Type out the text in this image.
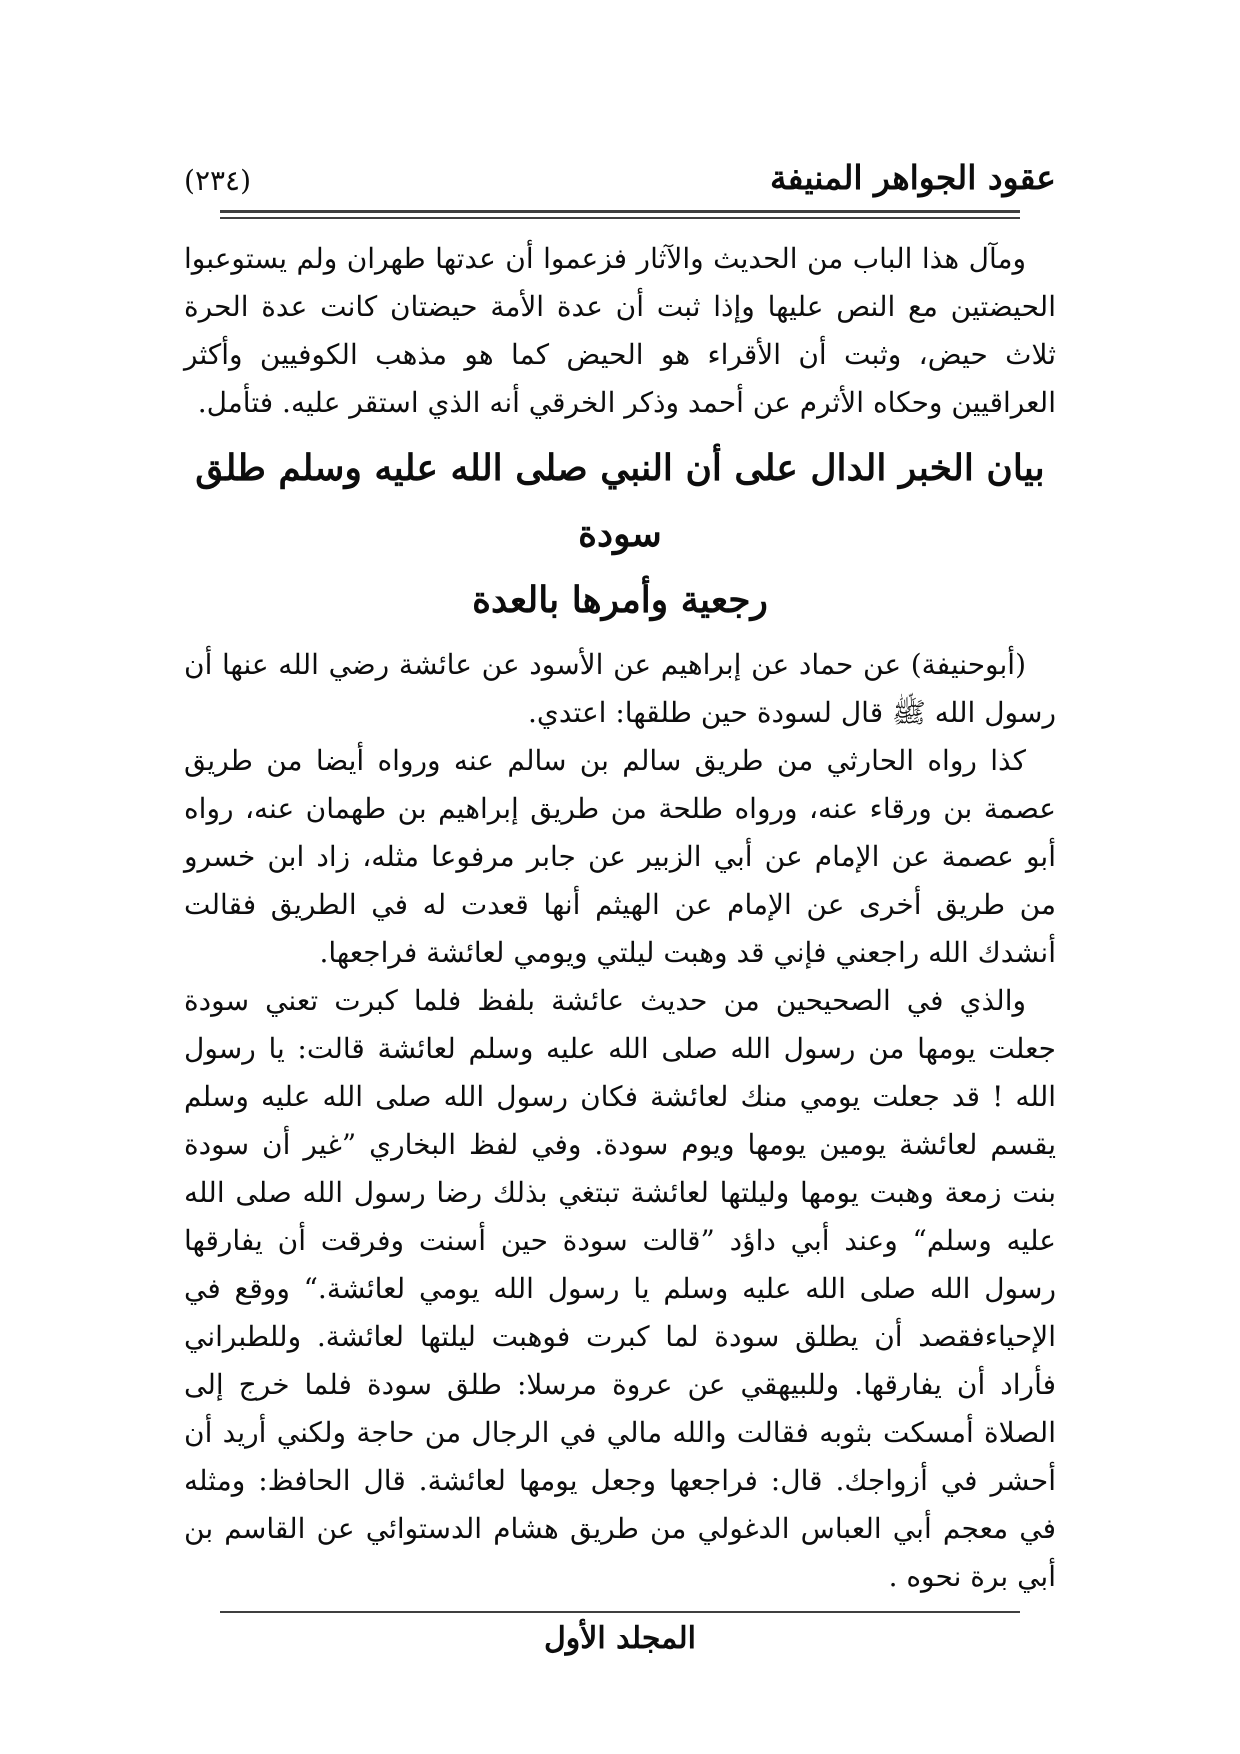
عقود الجواهر المنيفة
(٢٣٤)

ومآل هذا الباب من الحديث والآثار فزعموا أن عدتها طهران ولم يستوعبوا الحيضتين مع النص عليها وإذا ثبت أن عدة الأمة حيضتان كانت عدة الحرة ثلاث حيض، وثبت أن الأقراء هو الحيض كما هو مذهب الكوفيين وأكثر العراقيين وحكاه الأثرم عن أحمد وذكر الخرقي أنه الذي استقر عليه. فتأمل.

بيان الخبر الدال على أن النبي صلى الله عليه وسلم طلق سودة
رجعية وأمرها بالعدة

(أبوحنيفة) عن حماد عن إبراهيم عن الأسود عن عائشة رضي الله عنها أن رسول الله ﷺ قال لسودة حين طلقها: اعتدي.

كذا رواه الحارثي من طريق سالم بن سالم عنه ورواه أيضا من طريق عصمة بن ورقاء عنه، ورواه طلحة من طريق إبراهيم بن طهمان عنه، رواه أبو عصمة عن الإمام عن أبي الزبير عن جابر مرفوعا مثله، زاد ابن خسرو من طريق أخرى عن الإمام عن الهيثم أنها قعدت له في الطريق فقالت أنشدك الله راجعني فإني قد وهبت ليلتي ويومي لعائشة فراجعها.

والذي في الصحيحين من حديث عائشة بلفظ فلما كبرت تعني سودة جعلت يومها من رسول الله صلى الله عليه وسلم لعائشة قالت: يا رسول الله ! قد جعلت يومي منك لعائشة فكان رسول الله صلى الله عليه وسلم يقسم لعائشة يومين يومها ويوم سودة. وفي لفظ البخاري ”غير أن سودة بنت زمعة وهبت يومها وليلتها لعائشة تبتغي بذلك رضا رسول الله صلى الله عليه وسلم“ وعند أبي داؤد ”قالت سودة حين أسنت وفرقت أن يفارقها رسول الله صلى الله عليه وسلم يا رسول الله يومي لعائشة.“ ووقع في الإحياءفقصد أن يطلق سودة لما كبرت فوهبت ليلتها لعائشة. وللطبراني فأراد أن يفارقها. وللبيهقي عن عروة مرسلا: طلق سودة فلما خرج إلى الصلاة أمسكت بثوبه فقالت والله مالي في الرجال من حاجة ولكني أريد أن أحشر في أزواجك. قال: فراجعها وجعل يومها لعائشة. قال الحافظ: ومثله في معجم أبي العباس الدغولي من طريق هشام الدستوائي عن القاسم بن أبي برة نحوه .

المجلد الأول
